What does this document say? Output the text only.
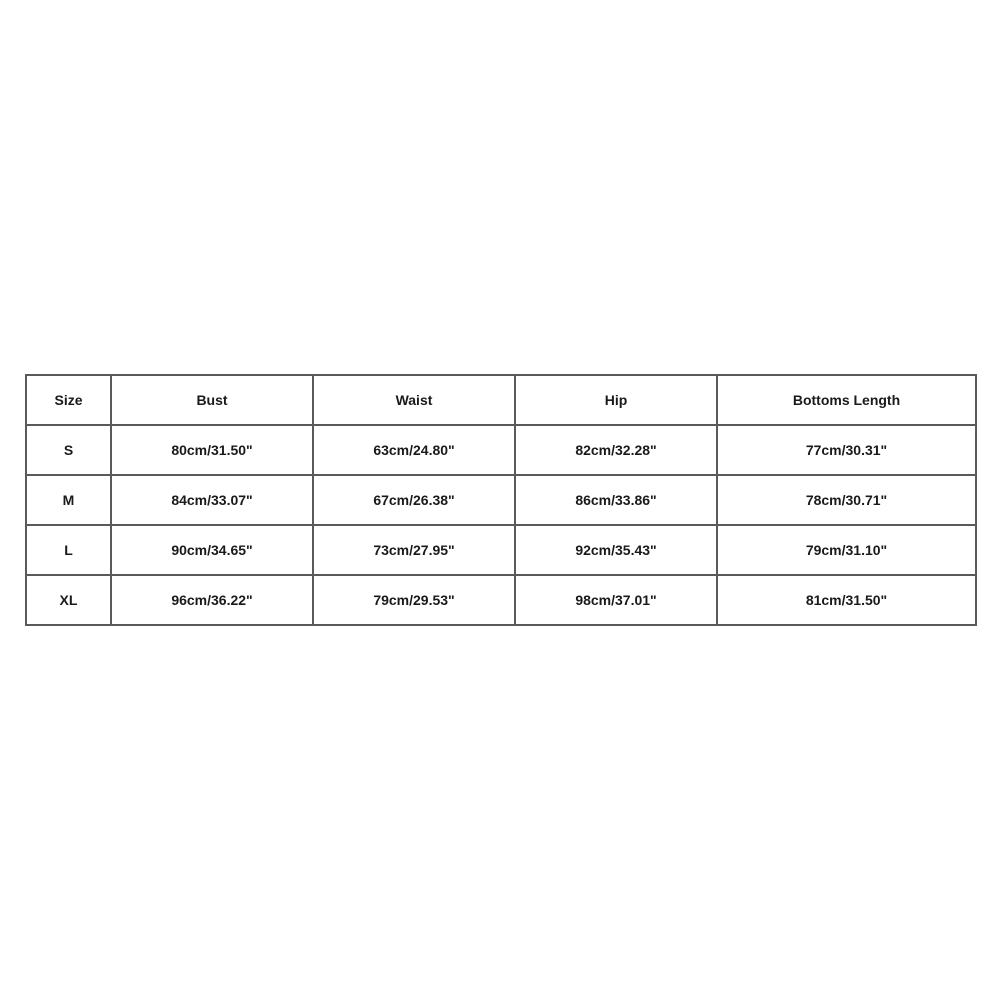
Size	Bust	Waist	Hip	Bottoms Length
S	80cm/31.50"	63cm/24.80"	82cm/32.28"	77cm/30.31"
M	84cm/33.07"	67cm/26.38"	86cm/33.86"	78cm/30.71"
L	90cm/34.65"	73cm/27.95"	92cm/35.43"	79cm/31.10"
XL	96cm/36.22"	79cm/29.53"	98cm/37.01"	81cm/31.50"
